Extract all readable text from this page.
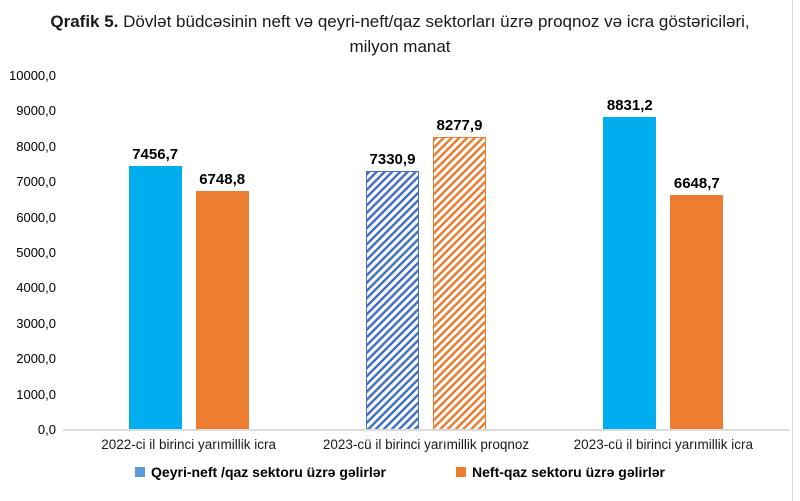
Qrafik 5. Dövlət büdcəsinin neft və qeyri-neft/qaz sektorları üzrə proqnoz və icra göstəriciləri, milyon manat
10000,0
9000,0
8000,0
7000,0
6000,0
5000,0
4000,0
3000,0
2000,0
1000,0
0,0
7456,7
6748,8
7330,9
8277,9
8831,2
6648,7
2022-ci il birinci yarımillik icra	2023-cü il birinci yarımillik proqnoz	2023-cü il birinci yarımillik icra
Qeyri-neft /qaz sektoru üzrə gəlirlər	Neft-qaz sektoru üzrə gəlirlər
